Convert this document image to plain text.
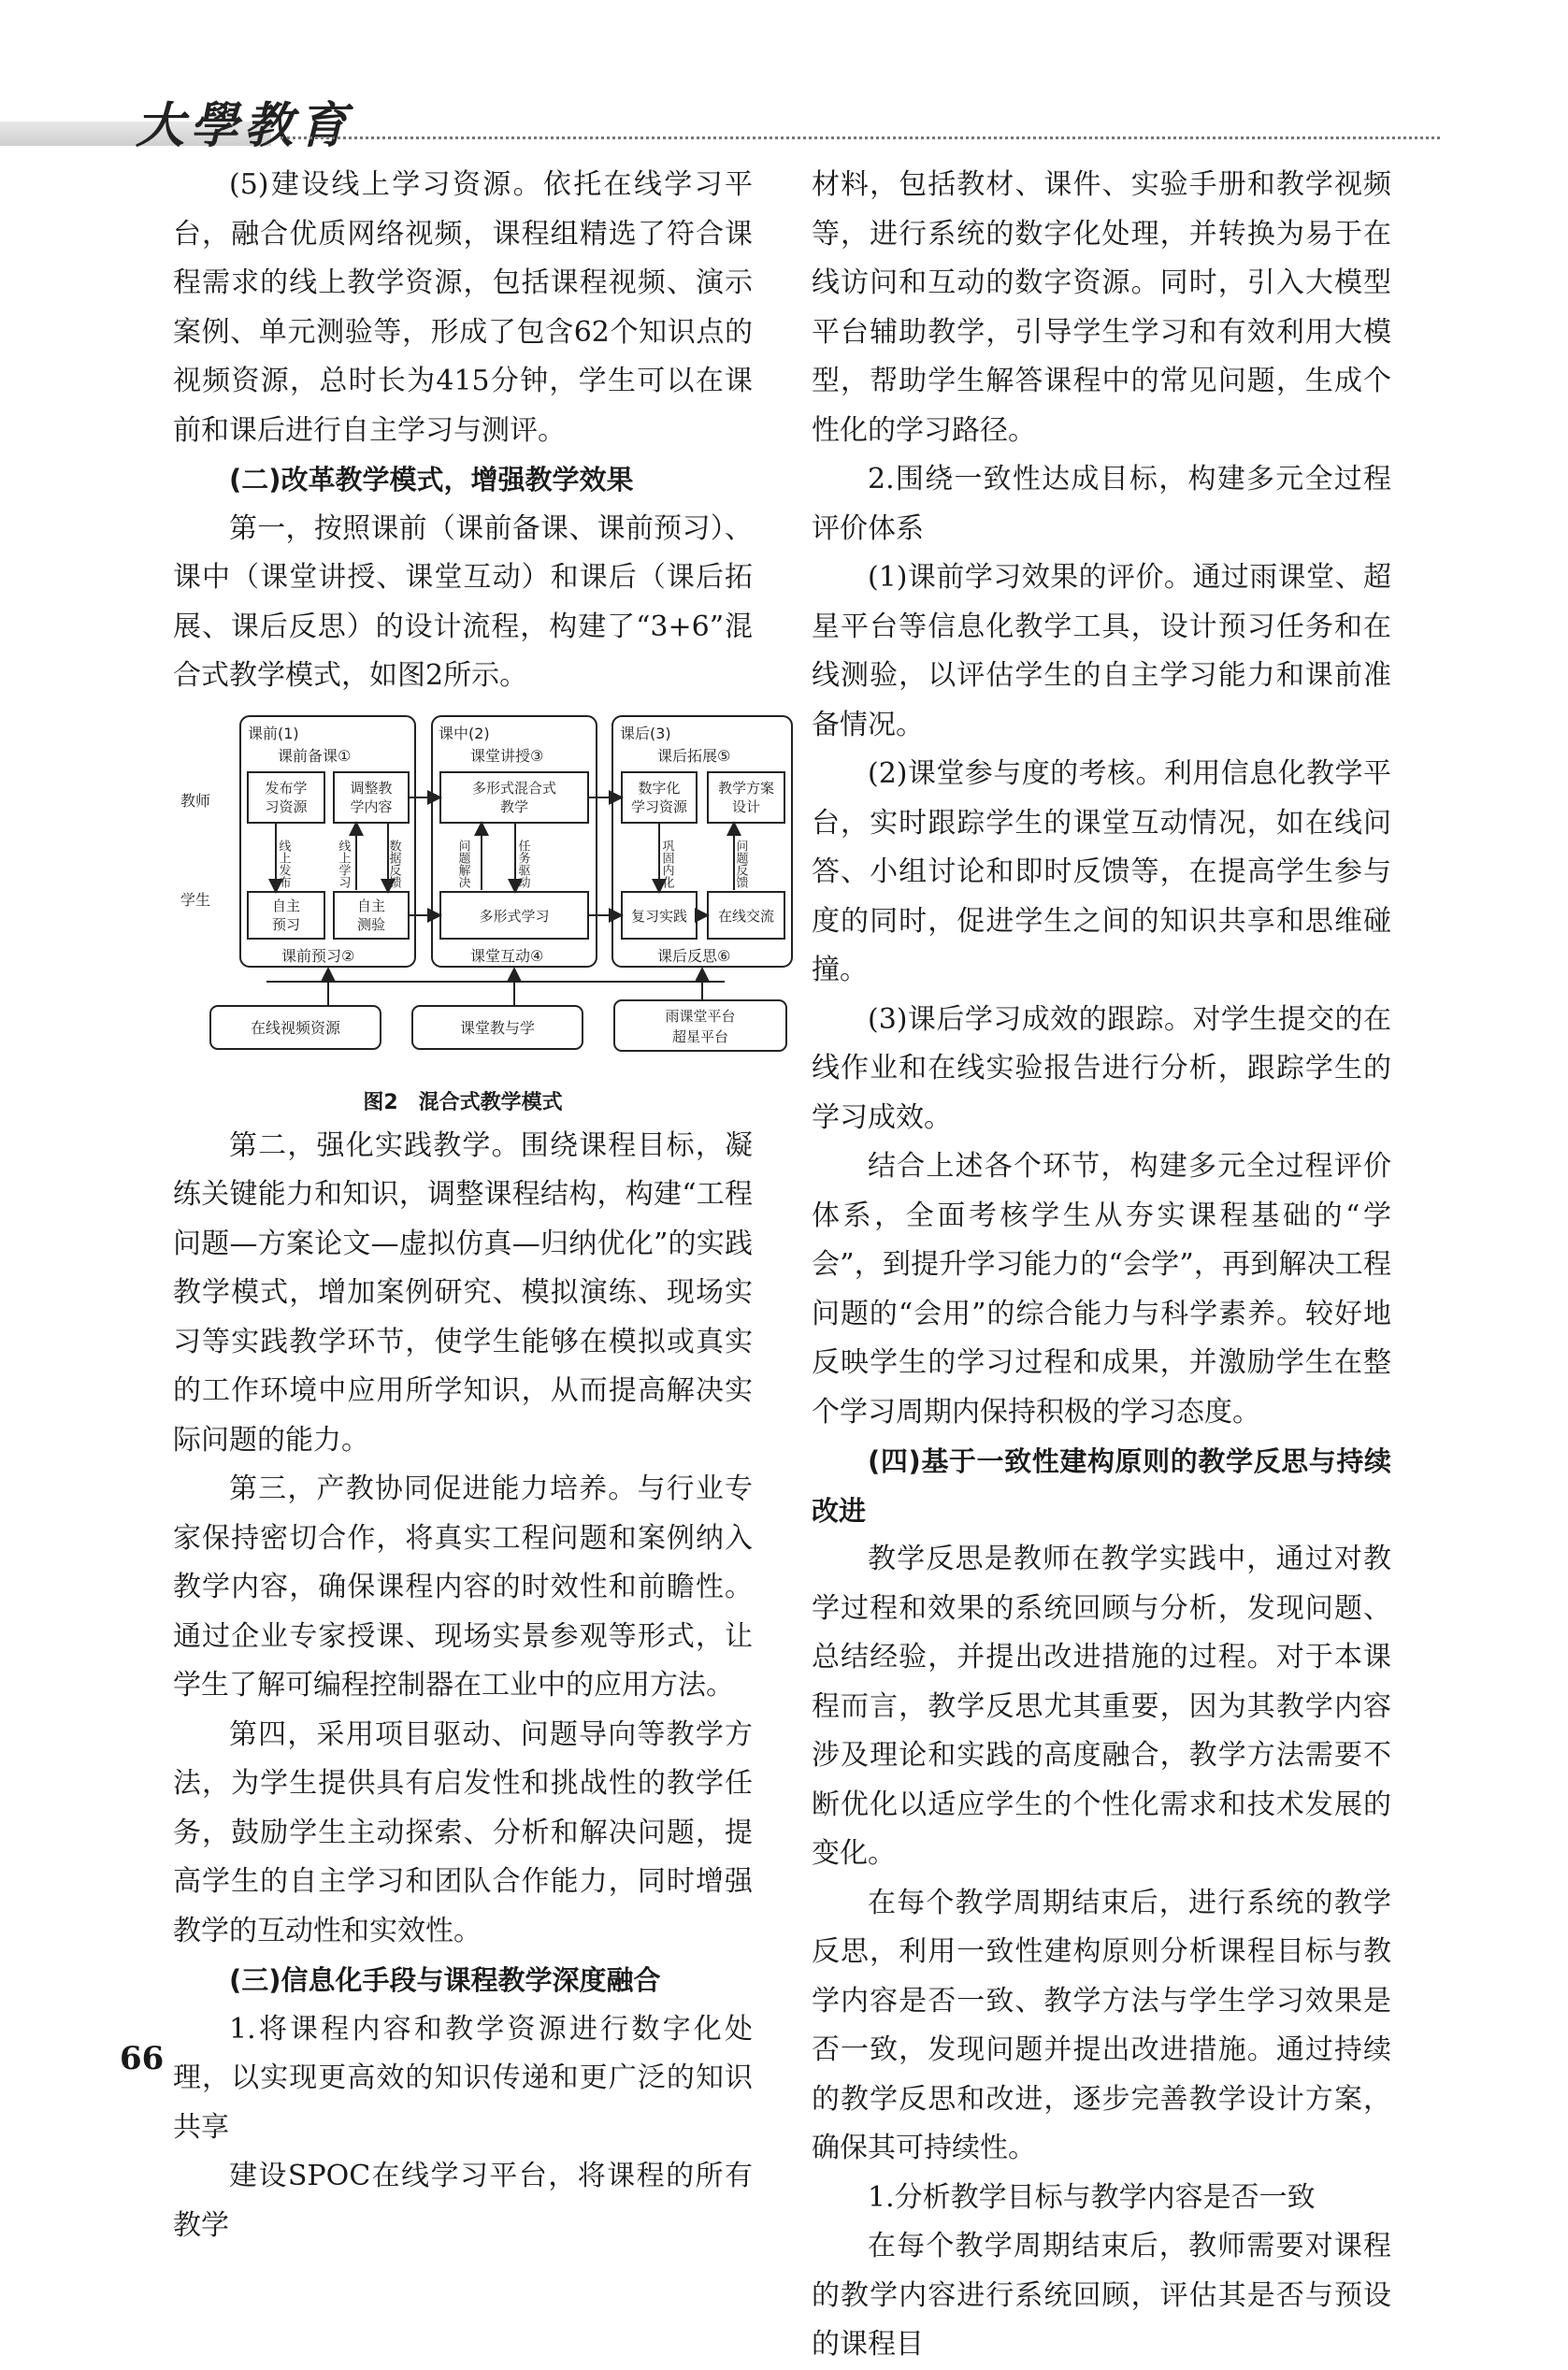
大學教育

(5)建设线上学习资源。依托在线学习平台，融合优质网络视频，课程组精选了符合课程需求的线上教学资源，包括课程视频、演示案例、单元测验等，形成了包含62个知识点的视频资源，总时长为415分钟，学生可以在课前和课后进行自主学习与测评。

(二)改革教学模式，增强教学效果

第一，按照课前（课前备课、课前预习）、课中（课堂讲授、课堂互动）和课后（课后拓展、课后反思）的设计流程，构建了“3+6”混合式教学模式，如图2所示。

教师
学生
课前(1)
课前备课①
课中(2)
课堂讲授③
课后(3)
课后拓展⑤
课前预习②	课堂互动④	课后反思⑥
发布学
习资源
调整教
学内容
多形式混合式
教学
数字化
学习资源
教学方案
设计
自主
预习
自主
测验	多形式学习	复习实践 在线交流
线上发布	线上学习	数据反馈	问题解决	任务驱动	巩固内化	问题反馈
在线视频资源	课堂教与学
雨课堂平台
超星平台

图2　混合式教学模式

第二，强化实践教学。围绕课程目标，凝练关键能力和知识，调整课程结构，构建“工程问题—方案论文—虚拟仿真—归纳优化”的实践教学模式，增加案例研究、模拟演练、现场实习等实践教学环节，使学生能够在模拟或真实的工作环境中应用所学知识，从而提高解决实际问题的能力。

第三，产教协同促进能力培养。与行业专家保持密切合作，将真实工程问题和案例纳入教学内容，确保课程内容的时效性和前瞻性。通过企业专家授课、现场实景参观等形式，让学生了解可编程控制器在工业中的应用方法。

第四，采用项目驱动、问题导向等教学方法，为学生提供具有启发性和挑战性的教学任务，鼓励学生主动探索、分析和解决问题，提高学生的自主学习和团队合作能力，同时增强教学的互动性和实效性。

(三)信息化手段与课程教学深度融合

1.将课程内容和教学资源进行数字化处理，以实现更高效的知识传递和更广泛的知识共享

建设SPOC在线学习平台，将课程的所有教学

材料，包括教材、课件、实验手册和教学视频等，进行系统的数字化处理，并转换为易于在线访问和互动的数字资源。同时，引入大模型平台辅助教学，引导学生学习和有效利用大模型，帮助学生解答课程中的常见问题，生成个性化的学习路径。

2.围绕一致性达成目标，构建多元全过程评价体系

(1)课前学习效果的评价。通过雨课堂、超星平台等信息化教学工具，设计预习任务和在线测验，以评估学生的自主学习能力和课前准备情况。

(2)课堂参与度的考核。利用信息化教学平台，实时跟踪学生的课堂互动情况，如在线问答、小组讨论和即时反馈等，在提高学生参与度的同时，促进学生之间的知识共享和思维碰撞。

(3)课后学习成效的跟踪。对学生提交的在线作业和在线实验报告进行分析，跟踪学生的学习成效。

结合上述各个环节，构建多元全过程评价体系，全面考核学生从夯实课程基础的“学会”，到提升学习能力的“会学”，再到解决工程问题的“会用”的综合能力与科学素养。较好地反映学生的学习过程和成果，并激励学生在整个学习周期内保持积极的学习态度。

(四)基于一致性建构原则的教学反思与持续改进

教学反思是教师在教学实践中，通过对教学过程和效果的系统回顾与分析，发现问题、总结经验，并提出改进措施的过程。对于本课程而言，教学反思尤其重要，因为其教学内容涉及理论和实践的高度融合，教学方法需要不断优化以适应学生的个性化需求和技术发展的变化。

在每个教学周期结束后，进行系统的教学反思，利用一致性建构原则分析课程目标与教学内容是否一致、教学方法与学生学习效果是否一致，发现问题并提出改进措施。通过持续的教学反思和改进，逐步完善教学设计方案，确保其可持续性。

1.分析教学目标与教学内容是否一致

在每个教学周期结束后，教师需要对课程的教学内容进行系统回顾，评估其是否与预设的课程目

66
